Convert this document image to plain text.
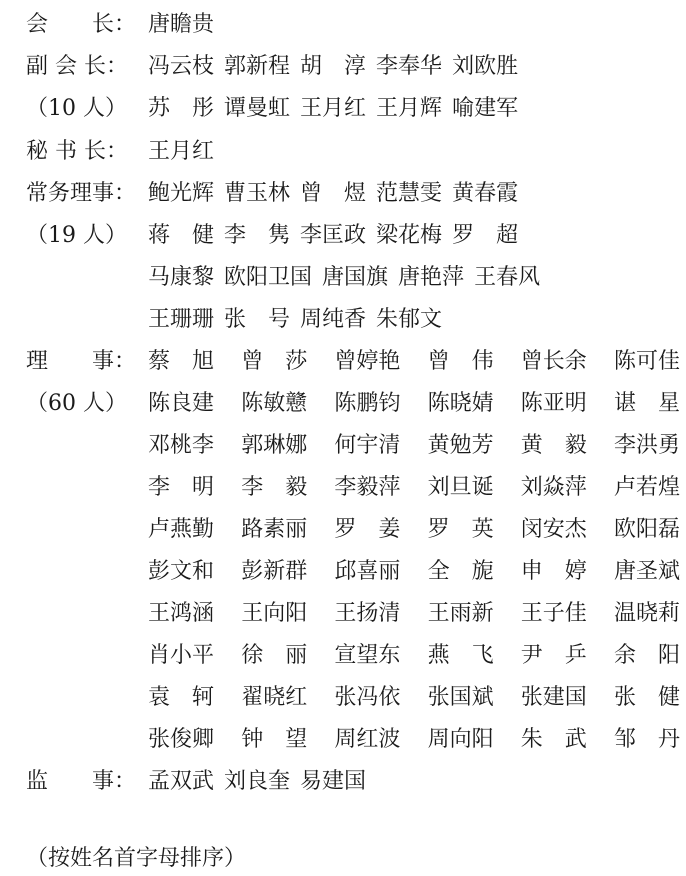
会　　长： 唐瞻贵
副 会 长： 冯云枝 郭新程 胡　淳 李奉华 刘欧胜
（10 人） 苏　彤 谭曼虹 王月红 王月辉 喻建军
秘 书 长： 王月红
常务理事： 鲍光辉 曹玉林 曾　煜 范慧雯 黄春霞
（19 人） 蒋　健 李　隽 李匡政 梁花梅 罗　超
马康黎 欧阳卫国 唐国旗 唐艳萍 王春风
王珊珊 张　号 周纯香 朱郁文
理　　事： 蔡　旭 曾　莎 曾婷艳 曾　伟 曾长余 陈可佳
（60 人） 陈良建 陈敏戆 陈鹏钧 陈晓婧 陈亚明 谌　星
邓桃李 郭琳娜 何宇清 黄勉芳 黄　毅 李洪勇
李　明 李　毅 李毅萍 刘旦诞 刘焱萍 卢若煌
卢燕勤 路素丽 罗　姜 罗　英 闵安杰 欧阳磊
彭文和 彭新群 邱喜丽 全　旎 申　婷 唐圣斌
王鸿涵 王向阳 王扬清 王雨新 王子佳 温晓莉
肖小平 徐　丽 宣望东 燕　飞 尹　乒 余　阳
袁　轲 翟晓红 张冯依 张国斌 张建国 张　健
张俊卿 钟　望 周红波 周向阳 朱　武 邹　丹
监　　事： 孟双武 刘良奎 易建国
（按姓名首字母排序）
